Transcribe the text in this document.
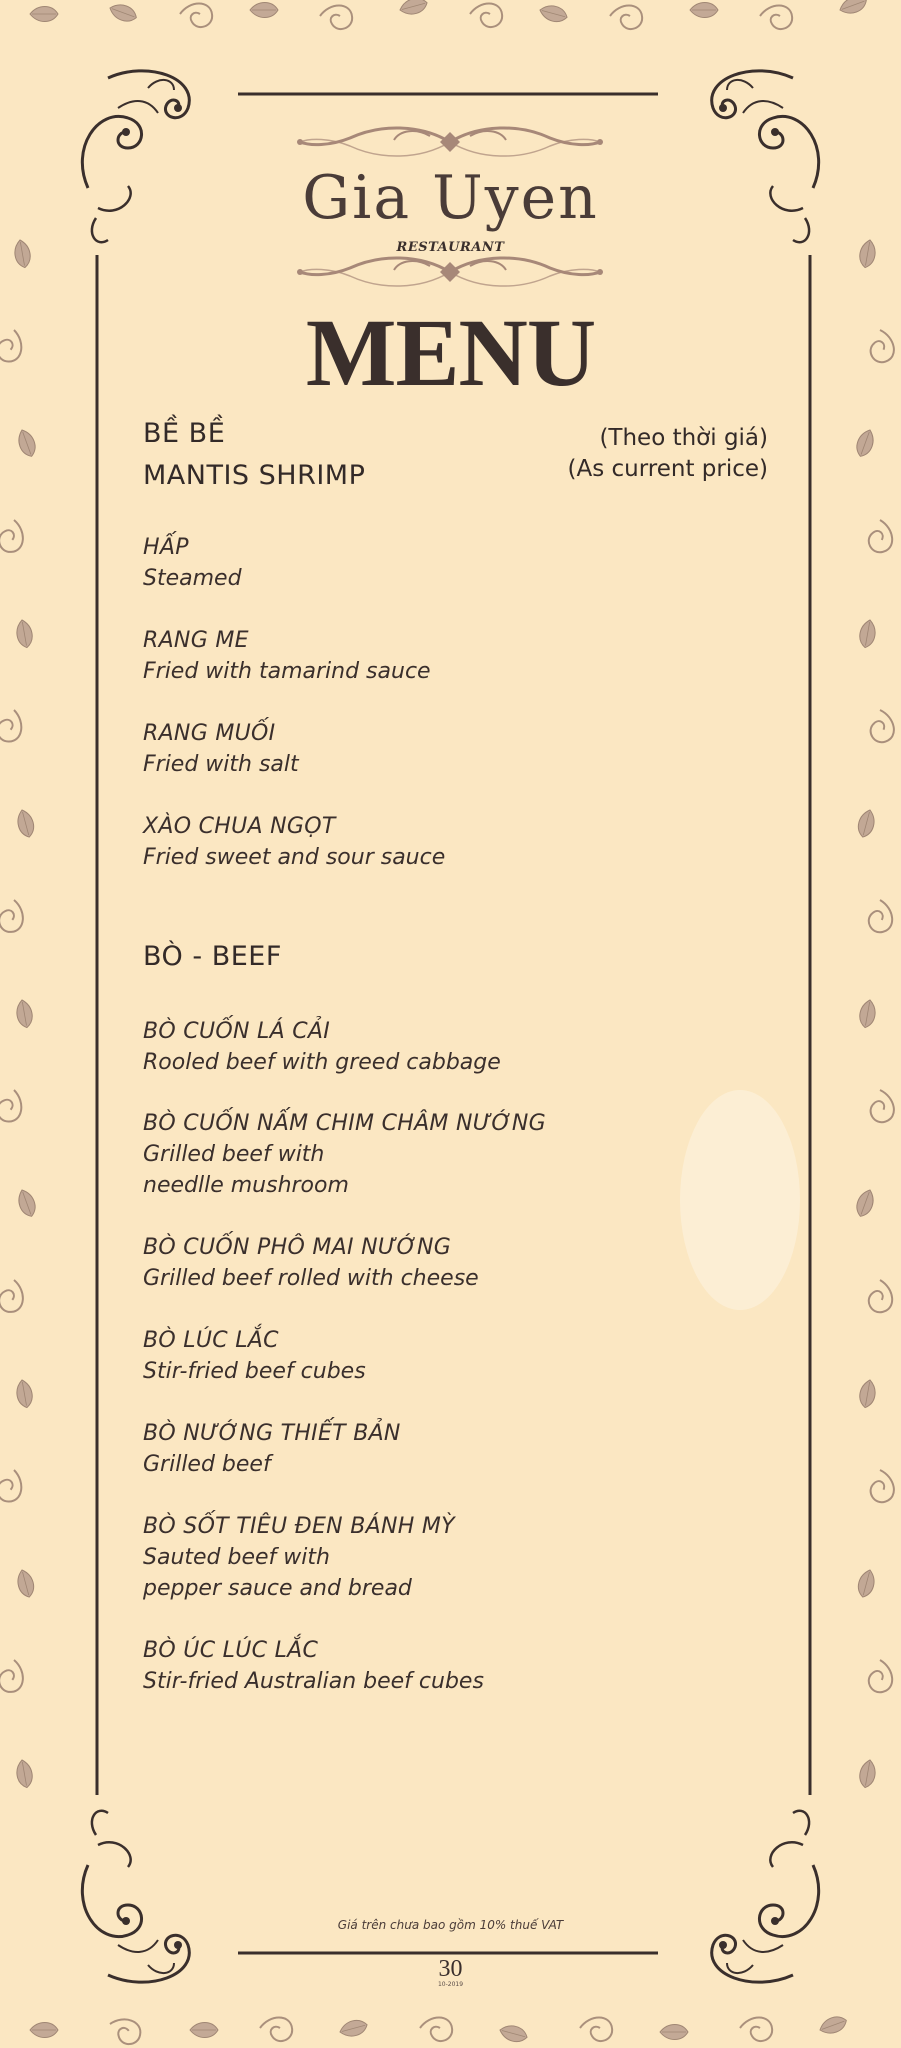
Gia Uyen
RESTAURANT
MENU
BỀ BỀ
MANTIS SHRIMP
(Theo thời giá)
(As current price)
HẤP
Steamed
RANG ME
Fried with tamarind sauce
RANG MUỐI
Fried with salt
XÀO CHUA NGỌT
Fried sweet and sour sauce
BÒ - BEEF
BÒ CUỐN LÁ CẢI
Rooled beef with greed cabbage
BÒ CUỐN NẤM CHIM CHÂM NƯỚNG
Grilled beef with
needlle mushroom
BÒ CUỐN PHÔ MAI NƯỚNG
Grilled beef rolled with cheese
BÒ LÚC LẮC
Stir-fried beef cubes
BÒ NƯỚNG THIẾT BẢN
Grilled beef
BÒ SỐT TIÊU ĐEN BÁNH MỲ
Sauted beef with
pepper sauce and bread
BÒ ÚC LÚC LẮC
Stir-fried Australian beef cubes
Giá trên chưa bao gồm 10% thuế VAT
30
10-2019
